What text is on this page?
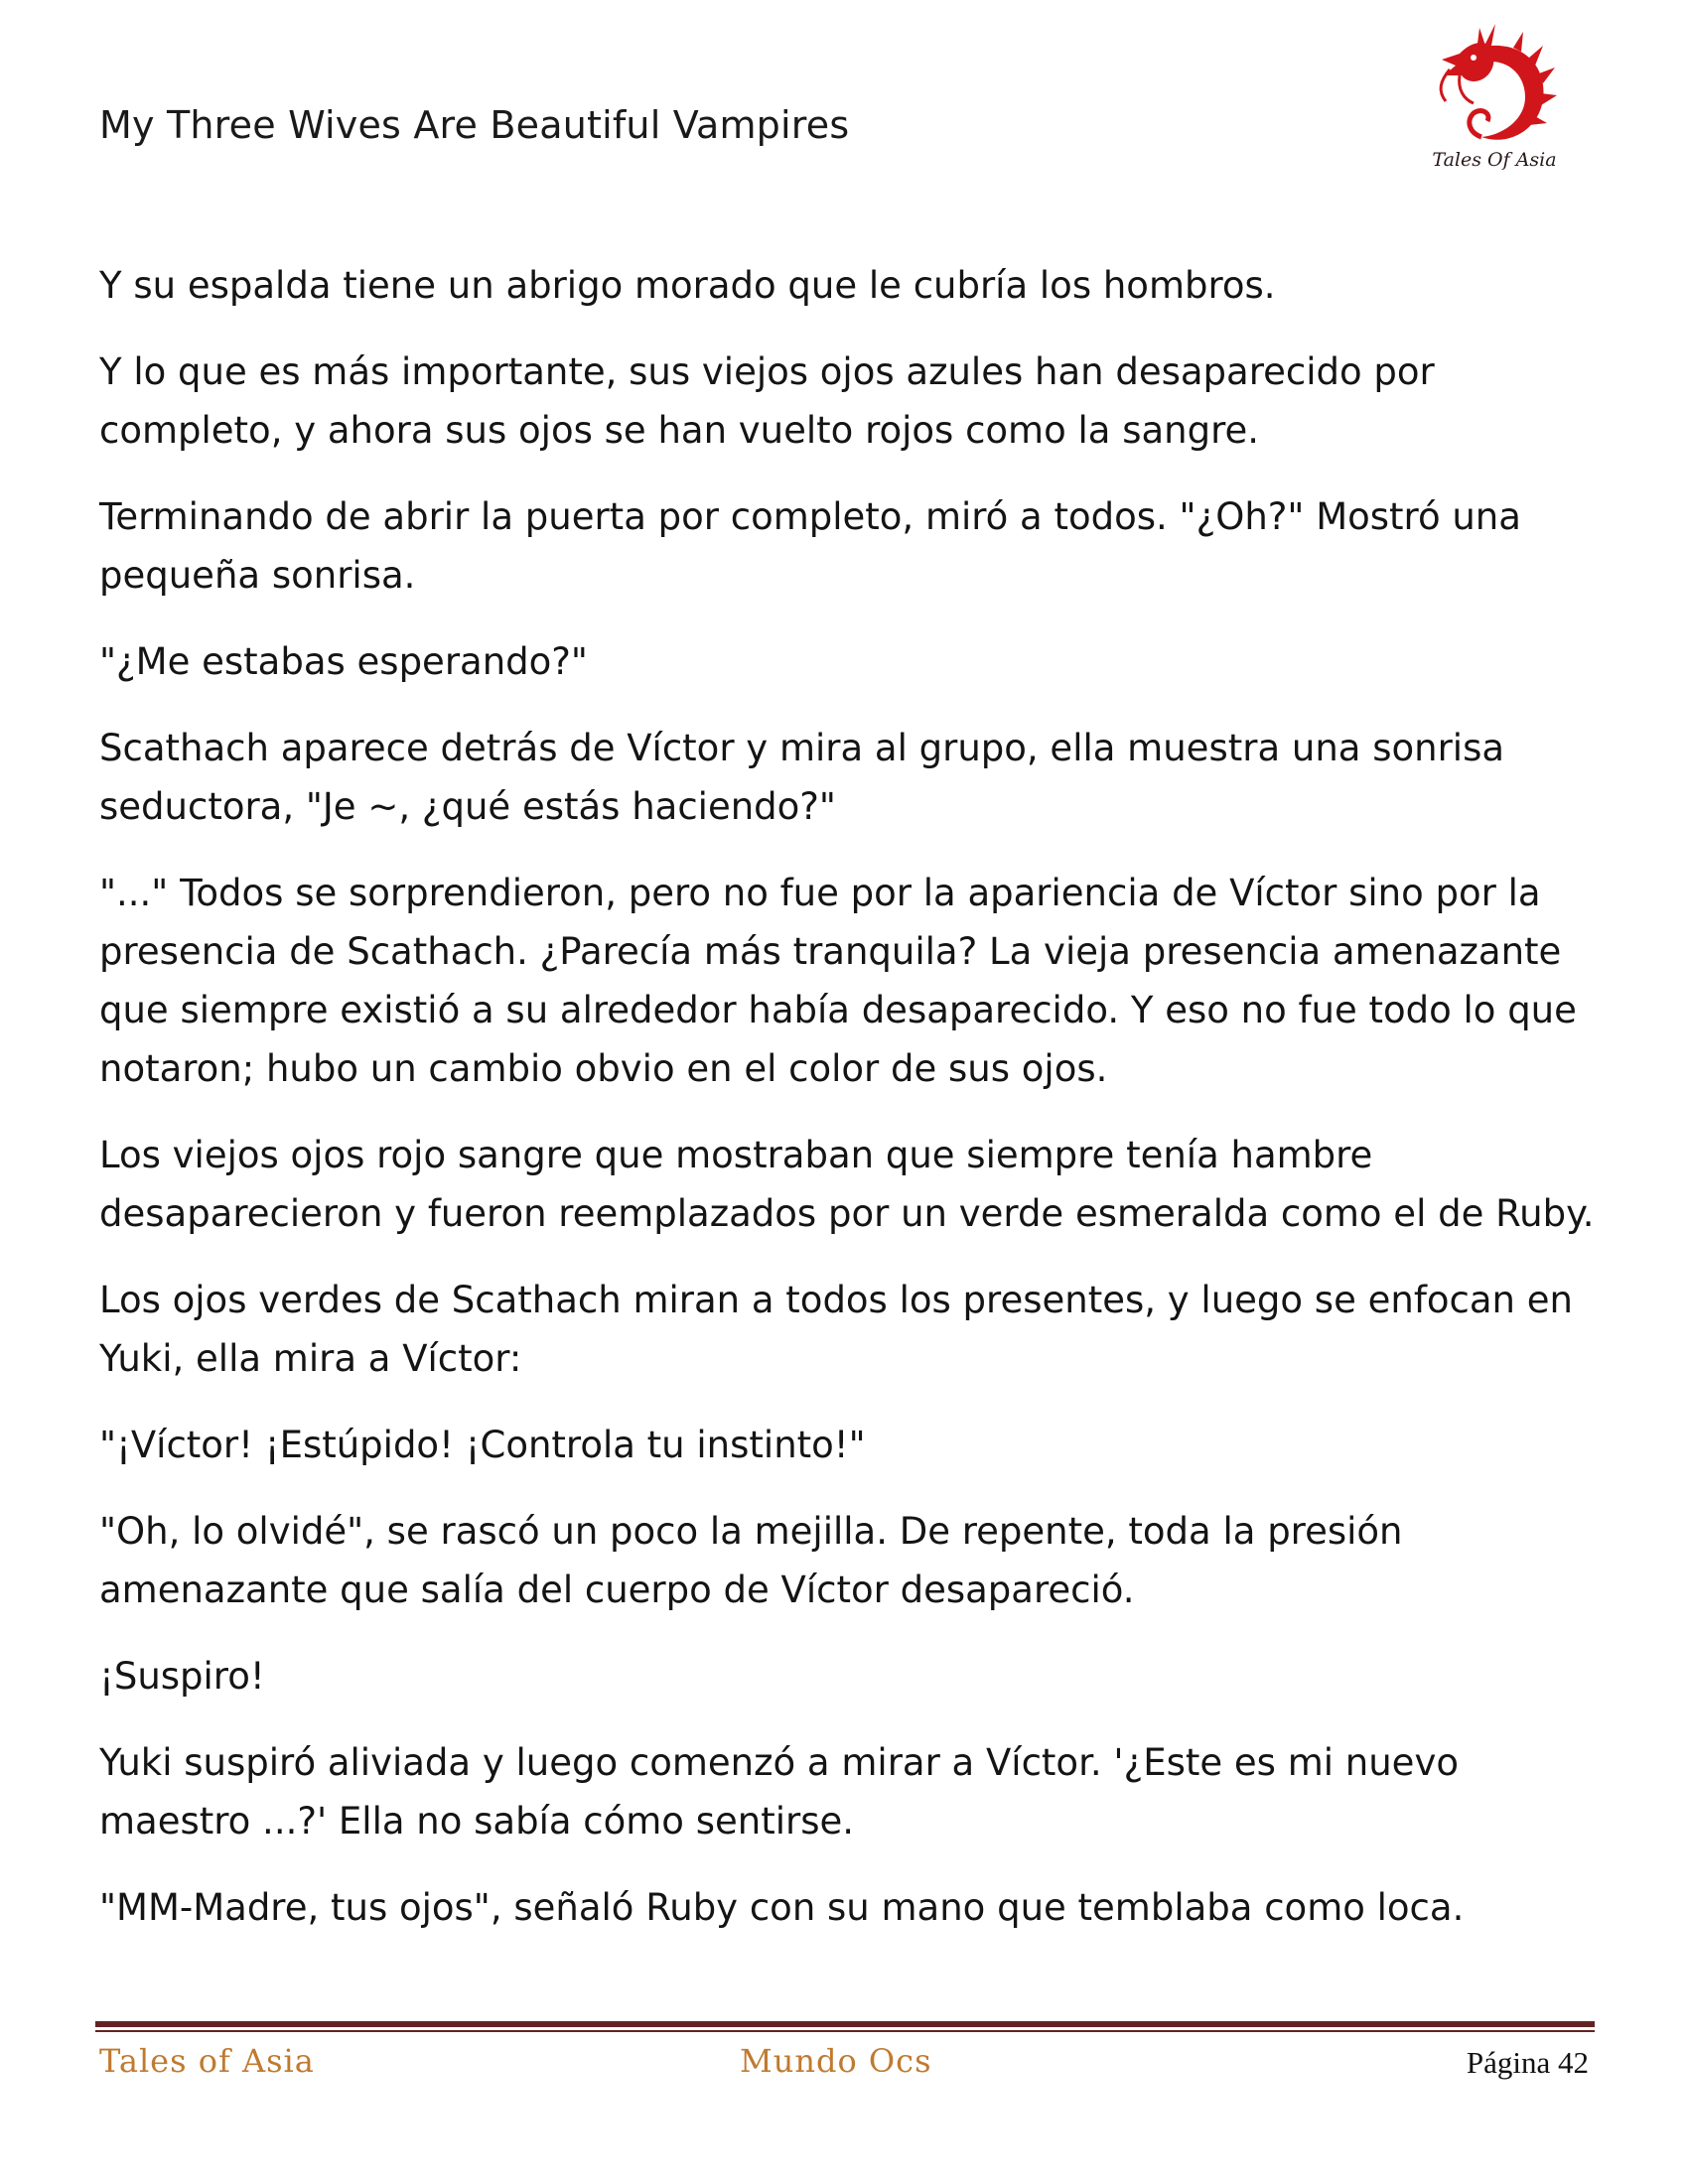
My Three Wives Are Beautiful Vampires
Tales Of Asia

Y su espalda tiene un abrigo morado que le cubría los hombros.

Y lo que es más importante, sus viejos ojos azules han desaparecido por completo, y ahora sus ojos se han vuelto rojos como la sangre.

Terminando de abrir la puerta por completo, miró a todos. "¿Oh?" Mostró una pequeña sonrisa.

"¿Me estabas esperando?"

Scathach aparece detrás de Víctor y mira al grupo, ella muestra una sonrisa seductora, "Je ~, ¿qué estás haciendo?"

"..." Todos se sorprendieron, pero no fue por la apariencia de Víctor sino por la presencia de Scathach. ¿Parecía más tranquila? La vieja presencia amenazante que siempre existió a su alrededor había desaparecido. Y eso no fue todo lo que notaron; hubo un cambio obvio en el color de sus ojos.

Los viejos ojos rojo sangre que mostraban que siempre tenía hambre desaparecieron y fueron reemplazados por un verde esmeralda como el de Ruby.

Los ojos verdes de Scathach miran a todos los presentes, y luego se enfocan en Yuki, ella mira a Víctor:

"¡Víctor! ¡Estúpido! ¡Controla tu instinto!"

"Oh, lo olvidé", se rascó un poco la mejilla. De repente, toda la presión amenazante que salía del cuerpo de Víctor desapareció.

¡Suspiro!

Yuki suspiró aliviada y luego comenzó a mirar a Víctor. '¿Este es mi nuevo maestro ...?' Ella no sabía cómo sentirse.

"MM-Madre, tus ojos", señaló Ruby con su mano que temblaba como loca.

Tales of Asia	Mundo Ocs	Página 42
